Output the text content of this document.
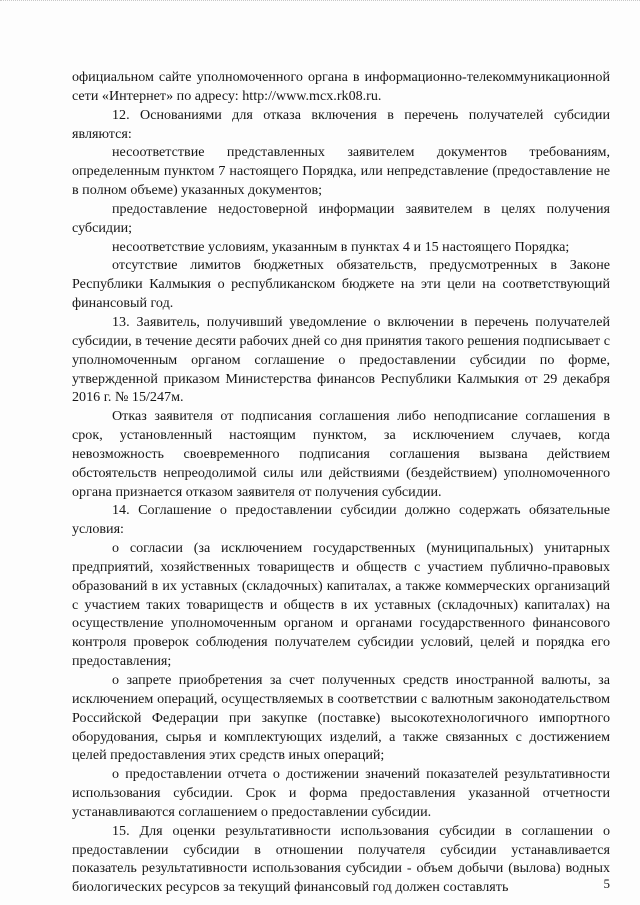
официальном сайте уполномоченного органа в информационно-телекоммуникационной сети «Интернет» по адресу: http://www.mcx.rk08.ru.

12. Основаниями для отказа включения в перечень получателей субсидии являются:

несоответствие представленных заявителем документов требованиям, определенным пунктом 7 настоящего Порядка, или непредставление (предоставление не в полном объеме) указанных документов;

предоставление недостоверной информации заявителем в целях получения субсидии;

несоответствие условиям, указанным в пунктах 4 и 15 настоящего Порядка;

отсутствие лимитов бюджетных обязательств, предусмотренных в Законе Республики Калмыкия о республиканском бюджете на эти цели на соответствующий финансовый год.

13. Заявитель, получивший уведомление о включении в перечень получателей субсидии, в течение десяти рабочих дней со дня принятия такого решения подписывает с уполномоченным органом соглашение о предоставлении субсидии по форме, утвержденной приказом Министерства финансов Республики Калмыкия от 29 декабря 2016 г. № 15/247м.

Отказ заявителя от подписания соглашения либо неподписание соглашения в срок, установленный настоящим пунктом, за исключением случаев, когда невозможность своевременного подписания соглашения вызвана действием обстоятельств непреодолимой силы или действиями (бездействием) уполномоченного органа признается отказом заявителя от получения субсидии.

14. Соглашение о предоставлении субсидии должно содержать обязательные условия:

о согласии (за исключением государственных (муниципальных) унитарных предприятий, хозяйственных товариществ и обществ с участием публично-правовых образований в их уставных (складочных) капиталах, а также коммерческих организаций с участием таких товариществ и обществ в их уставных (складочных) капиталах) на осуществление уполномоченным органом и органами государственного финансового контроля проверок соблюдения получателем субсидии условий, целей и порядка его предоставления;

о запрете приобретения за счет полученных средств иностранной валюты, за исключением операций, осуществляемых в соответствии с валютным законодательством Российской Федерации при закупке (поставке) высокотехнологичного импортного оборудования, сырья и комплектующих изделий, а также связанных с достижением целей предоставления этих средств иных операций;

о предоставлении отчета о достижении значений показателей результативности использования субсидии. Срок и форма предоставления указанной отчетности устанавливаются соглашением о предоставлении субсидии.

15. Для оценки результативности использования субсидии в соглашении о предоставлении субсидии в отношении получателя субсидии устанавливается показатель результативности использования субсидии - объем добычи (вылова) водных биологических ресурсов за текущий финансовый год должен составлять	5
